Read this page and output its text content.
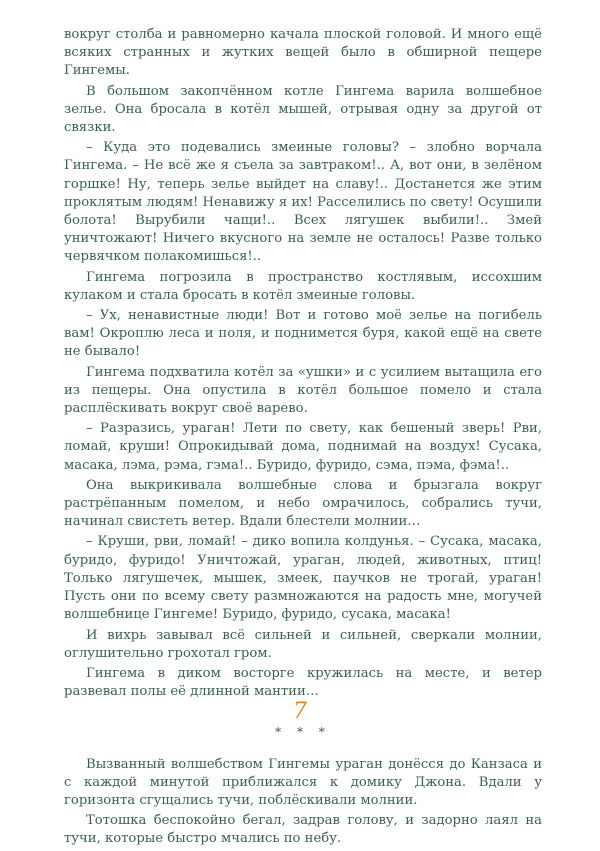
вокруг столба и равномерно качала плоской головой. И много ещё всяких странных и жутких вещей было в обширной пещере Гингемы.

В большом закопчённом котле Гингема варила волшебное зелье. Она бросала в котёл мышей, отрывая одну за другой от связки.

– Куда это подевались змеиные головы? – злобно ворчала Гингема. – Не всё же я съела за завтраком!.. А, вот они, в зелёном горшке! Ну, теперь зелье выйдет на славу!.. Достанется же этим проклятым людям! Ненавижу я их! Расселились по свету! Осушили болота! Вырубили чащи!.. Всех лягушек выбили!.. Змей уничтожают! Ничего вкусного на земле не осталось! Разве только червячком полакомишься!..

Гингема погрозила в пространство костлявым, иссохшим кулаком и стала бросать в котёл змеиные головы.

– Ух, ненавистные люди! Вот и готово моё зелье на погибель вам! Окроплю леса и поля, и поднимется буря, какой ещё на свете не бывало!

Гингема подхватила котёл за «ушки» и с усилием вытащила его из пещеры. Она опустила в котёл большое помело и стала расплёскивать вокруг своё варево.

– Разразись, ураган! Лети по свету, как бешеный зверь! Рви, ломай, круши! Опрокидывай дома, поднимай на воздух! Сусака, масака, лэма, рэма, гэма!.. Буридо, фуридо, сэма, пэма, фэма!..

Она выкрикивала волшебные слова и брызгала вокруг растрёпанным помелом, и небо омрачилось, собрались тучи, начинал свистеть ветер. Вдали блестели молнии…

– Круши, рви, ломай! – дико вопила колдунья. – Сусака, масака, буридо, фуридо! Уничтожай, ураган, людей, животных, птиц! Только лягушечек, мышек, змеек, паучков не трогай, ураган! Пусть они по всему свету размножаются на радость мне, могучей волшебнице Гингеме! Буридо, фуридо, сусака, масака!

И вихрь завывал всё сильней и сильней, сверкали молнии, оглушительно грохотал гром.

Гингема в диком восторге кружилась на месте, и ветер развевал полы её длинной мантии…

* * *

Вызванный волшебством Гингемы ураган донёсся до Канзаса и с каждой минутой приближался к домику Джона. Вдали у горизонта сгущались тучи, поблёскивали молнии.

Тотошка беспокойно бегал, задрав голову, и задорно лаял на тучи, которые быстро мчались по небу.

7
